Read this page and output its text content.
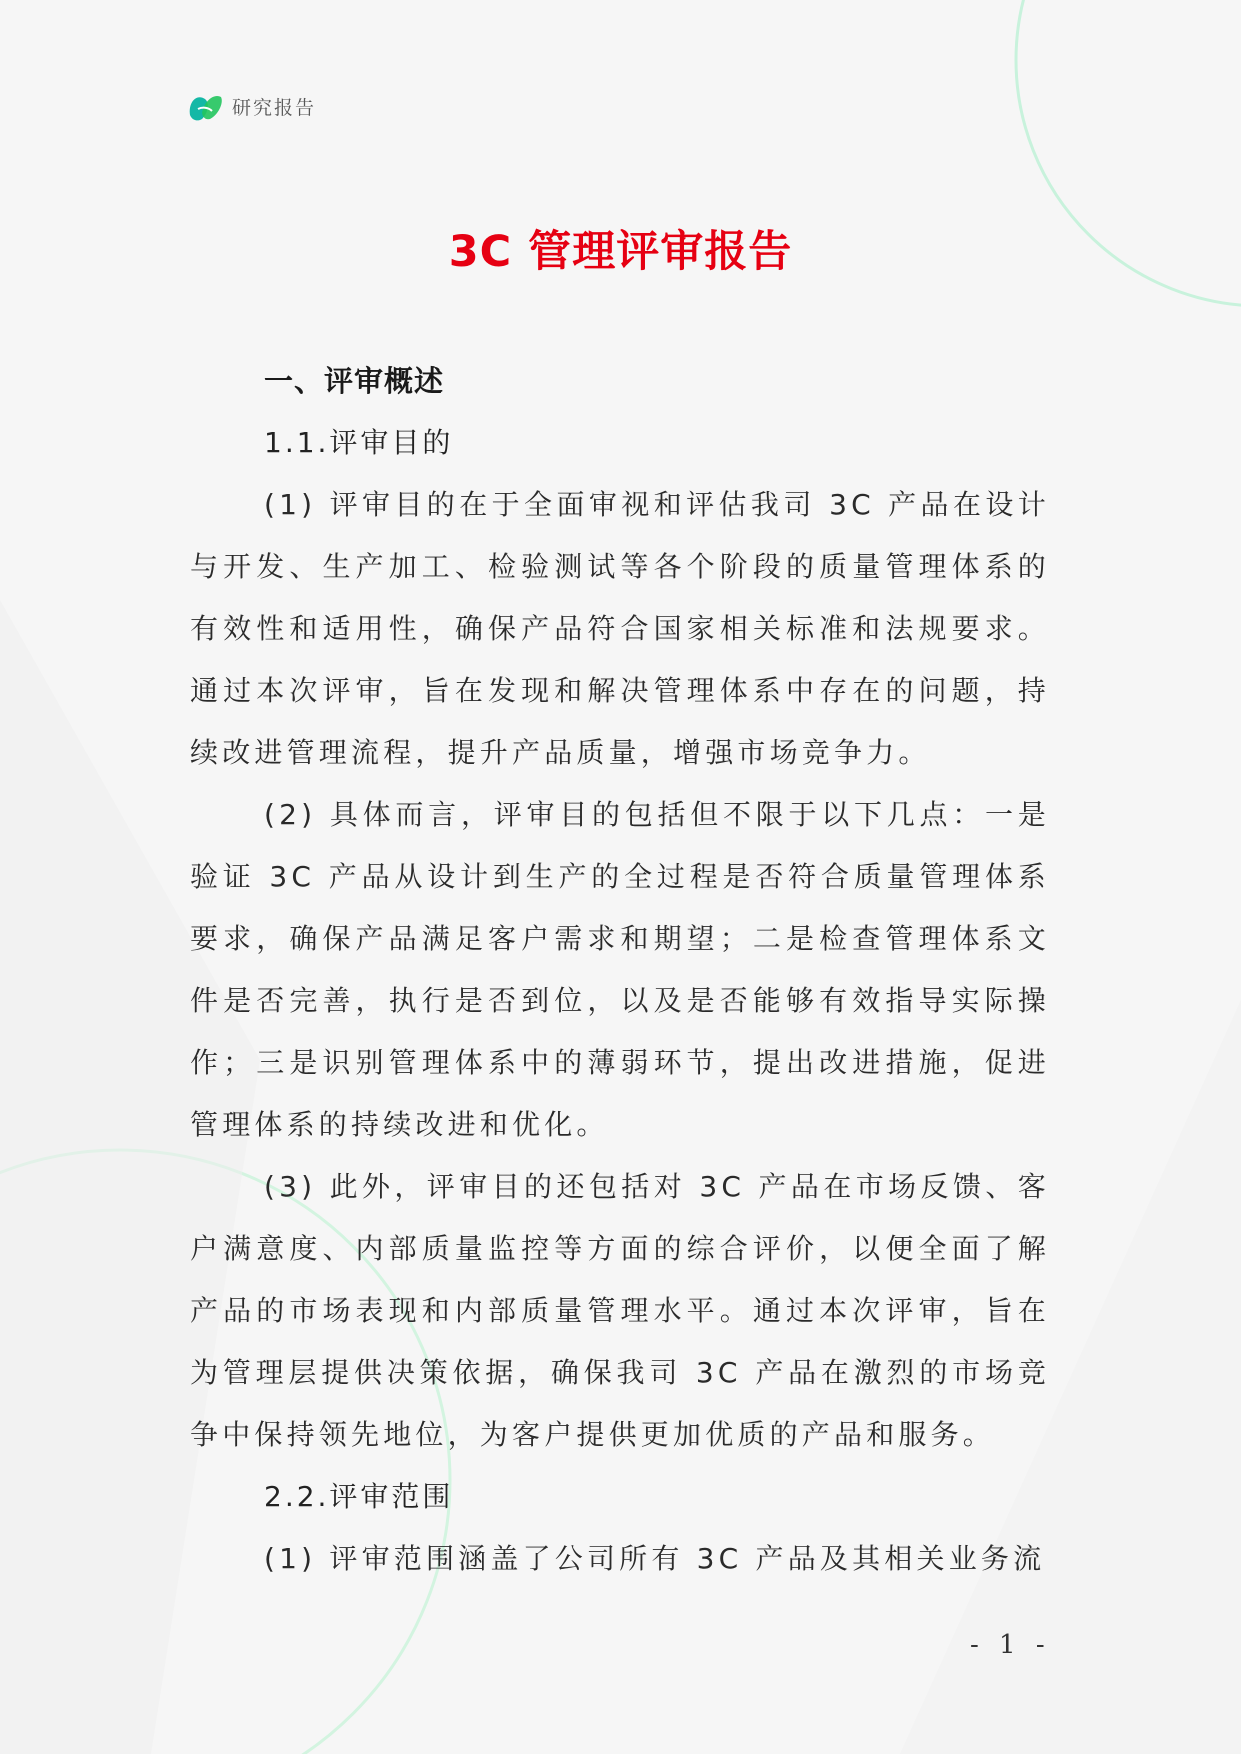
研究报告
3C 管理评审报告
一、评审概述
1.1.评审目的

(1) 评审目的在于全面审视和评估我司 3C 产品在设计与开发、生产加工、检验测试等各个阶段的质量管理体系的有效性和适用性，确保产品符合国家相关标准和法规要求。通过本次评审，旨在发现和解决管理体系中存在的问题，持续改进管理流程，提升产品质量，增强市场竞争力。

(2) 具体而言，评审目的包括但不限于以下几点：一是验证 3C 产品从设计到生产的全过程是否符合质量管理体系要求，确保产品满足客户需求和期望；二是检查管理体系文件是否完善，执行是否到位，以及是否能够有效指导实际操作；三是识别管理体系中的薄弱环节，提出改进措施，促进管理体系的持续改进和优化。

(3) 此外，评审目的还包括对 3C 产品在市场反馈、客户满意度、内部质量监控等方面的综合评价，以便全面了解产品的市场表现和内部质量管理水平。通过本次评审，旨在为管理层提供决策依据，确保我司 3C 产品在激烈的市场竞争中保持领先地位，为客户提供更加优质的产品和服务。

2.2.评审范围

(1) 评审范围涵盖了公司所有 3C 产品及其相关业务流

- 1 -
